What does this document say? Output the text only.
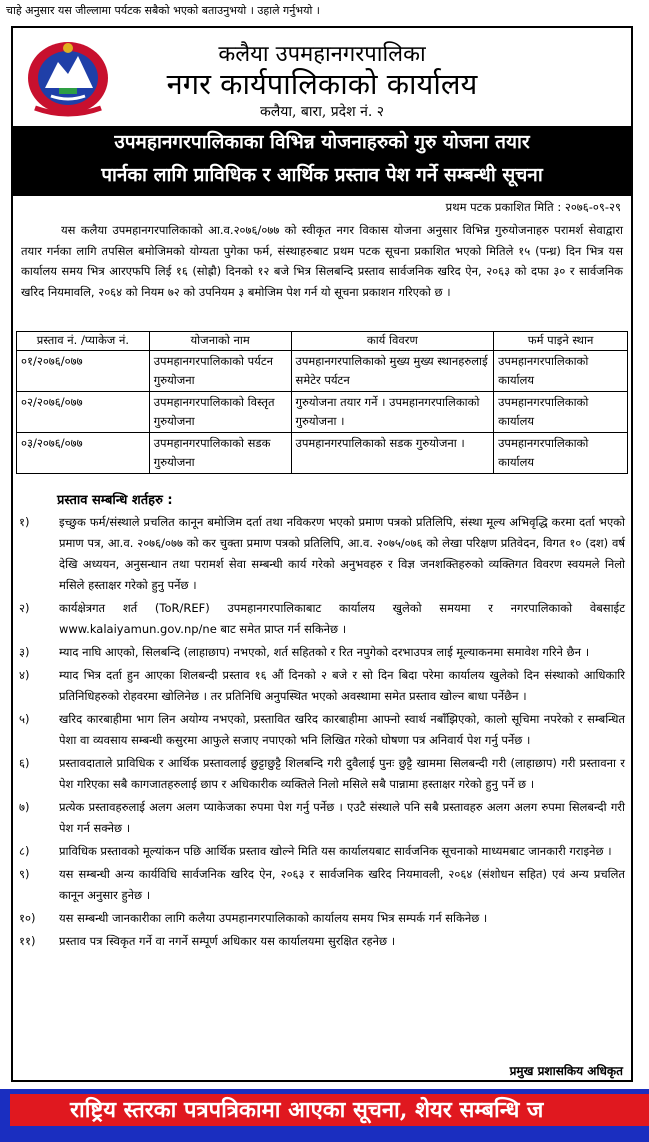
चाहे अनुसार यस जील्लामा पर्यटक सबैको भएको बताउनुभयो । उहाले गर्नुभयो ।
कलैया उपमहानगरपालिका
नगर कार्यपालिकाको कार्यालय
कलैया, बारा, प्रदेश नं. २
उपमहानगरपालिकाका विभिन्न योजनाहरुको गुरु योजना तयार
पार्नका लागि प्राविधिक र आर्थिक प्रस्ताव पेश गर्ने सम्बन्धी सूचना
प्रथम पटक प्रकाशित मिति : २०७६-०९-२९
यस कलैया उपमहानगरपालिकाको आ.व.२०७६/०७७ को स्वीकृत नगर विकास योजना अनुसार विभिन्न गुरुयोजनाहरु परामर्श सेवाद्वारा तयार गर्नका लागि तपसिल बमोजिमको योग्यता पुगेका फर्म, संस्थाहरुबाट प्रथम पटक सूचना प्रकाशित भएको मितिले १५ (पन्ध्र) दिन भित्र यस कार्यालय समय भित्र आरएफपि लिई १६ (सोह्रौ) दिनको १२ बजे भित्र सिलबन्दि प्रस्ताव सार्वजनिक खरिद ऐन, २०६३ को दफा ३० र सार्वजनिक खरिद नियमावलि, २०६४ को नियम ७२ को उपनियम ३ बमोजिम पेश गर्न यो सूचना प्रकाशन गरिएको छ ।
प्रस्ताव नं. /प्याकेज नं.	योजनाको नाम	कार्य विवरण	फर्म पाइने स्थान
०१/२०७६/०७७	उपमहानगरपालिकाको पर्यटन गुरुयोजना	उपमहानगरपालिकाको मुख्य मुख्य स्थानहरुलाई समेटेर पर्यटन	उपमहानगरपालिकाको कार्यालय
०२/२०७६/०७७	उपमहानगरपालिकाको विस्तृत गुरुयोजना	गुरुयोजना तयार गर्ने । उपमहानगरपालिकाको गुरुयोजना ।	उपमहानगरपालिकाको कार्यालय
०३/२०७६/०७७	उपमहानगरपालिकाको सडक गुरुयोजना	उपमहानगरपालिकाको सडक गुरुयोजना ।	उपमहानगरपालिकाको कार्यालय
प्रस्ताव सम्बन्धि शर्तहरु :
१)	इच्छुक फर्म/संस्थाले प्रचलित कानून बमोजिम दर्ता तथा नविकरण भएको प्रमाण पत्रको प्रतिलिपि, संस्था मूल्य अभिवृद्धि करमा दर्ता भएको प्रमाण पत्र, आ.व. २०७६/०७७ को कर चुक्ता प्रमाण पत्रको प्रतिलिपि, आ.व. २०७५/०७६ को लेखा परिक्षण प्रतिवेदन, विगत १० (दश) वर्ष देखि अध्ययन, अनुसन्धान तथा परामर्श सेवा सम्बन्धी कार्य गरेको अनुभवहरु र विज्ञ जनशक्तिहरुको व्यक्तिगत विवरण स्वयमले निलो मसिले हस्ताक्षर गरेको हुनु पर्नेछ ।
२)	कार्यक्षेत्रगत शर्त (ToR/REF) उपमहानगरपालिकाबाट कार्यालय खुलेको समयमा र नगरपालिकाको वेबसाईट www.kalaiyamun.gov.np/ne बाट समेत प्राप्त गर्न सकिनेछ ।
३)	म्याद नाघि आएको, सिलबन्दि (लाहाछाप) नभएको, शर्त सहितको र रित नपुगेको दरभाउपत्र लाई मूल्याकनमा समावेश गरिने छैन ।
४)	म्याद भित्र दर्ता हुन आएका शिलबन्दी प्रस्ताव १६ औं दिनको २ बजे र सो दिन बिदा परेमा कार्यालय खुलेको दिन संस्थाको आधिकारि प्रतिनिधिहरुको रोहवरमा खोलिनेछ । तर प्रतिनिधि अनुपस्थित भएको अवस्थामा समेत प्रस्ताव खोल्न बाधा पर्नेछैन ।
५)	खरिद कारबाहीमा भाग लिन अयोग्य नभएको, प्रस्तावित खरिद कारबाहीमा आफ्नो स्वार्थ नबाँझिएको, कालो सूचिमा नपरेको र सम्बन्धित पेशा वा व्यवसाय सम्बन्धी कसुरमा आफुले सजाए नपाएको भनि लिखित गरेको घोषणा पत्र अनिवार्य पेश गर्नु पर्नेछ ।
६)	प्रस्तावदाताले प्राविधिक र आर्थिक प्रस्तावलाई छुट्टाछुट्टै शिलबन्दि गरी दुवैलाई पुनः छुट्टै खाममा सिलबन्दी गरी (लाहाछाप) गरी प्रस्तावना र पेश गरिएका सबै कागजातहरुलाई छाप र अधिकारीक व्यक्तिले निलो मसिले सबै पान्नामा हस्ताक्षर गरेको हुनु पर्ने छ ।
७)	प्रत्येक प्रस्तावहरुलाई अलग अलग प्याकेजका रुपमा पेश गर्नु पर्नेछ । एउटै संस्थाले पनि सबै प्रस्तावहरु अलग अलग रुपमा सिलबन्दी गरी पेश गर्न सक्नेछ ।
८)	प्राविधिक प्रस्तावको मूल्यांकन पछि आर्थिक प्रस्ताव खोल्ने मिति यस कार्यालयबाट सार्वजनिक सूचनाको माध्यमबाट जानकारी गराइनेछ ।
९)	यस सम्बन्धी अन्य कार्यविधि सार्वजनिक खरिद ऐन, २०६३ र सार्वजनिक खरिद नियमावली, २०६४ (संशोधन सहित) एवं अन्य प्रचलित कानून अनुसार हुनेछ ।
१०)	यस सम्बन्धी जानकारीका लागि कलैया उपमहानगरपालिकाको कार्यालय समय भित्र सम्पर्क गर्न सकिनेछ ।
११)	प्रस्ताव पत्र स्विकृत गर्ने वा नगर्ने सम्पूर्ण अधिकार यस कार्यालयमा सुरक्षित रहनेछ ।
प्रमुख प्रशासकिय अधिकृत
राष्ट्रिय स्तरका पत्रपत्रिकामा आएका सूचना, शेयर सम्बन्धि ज
